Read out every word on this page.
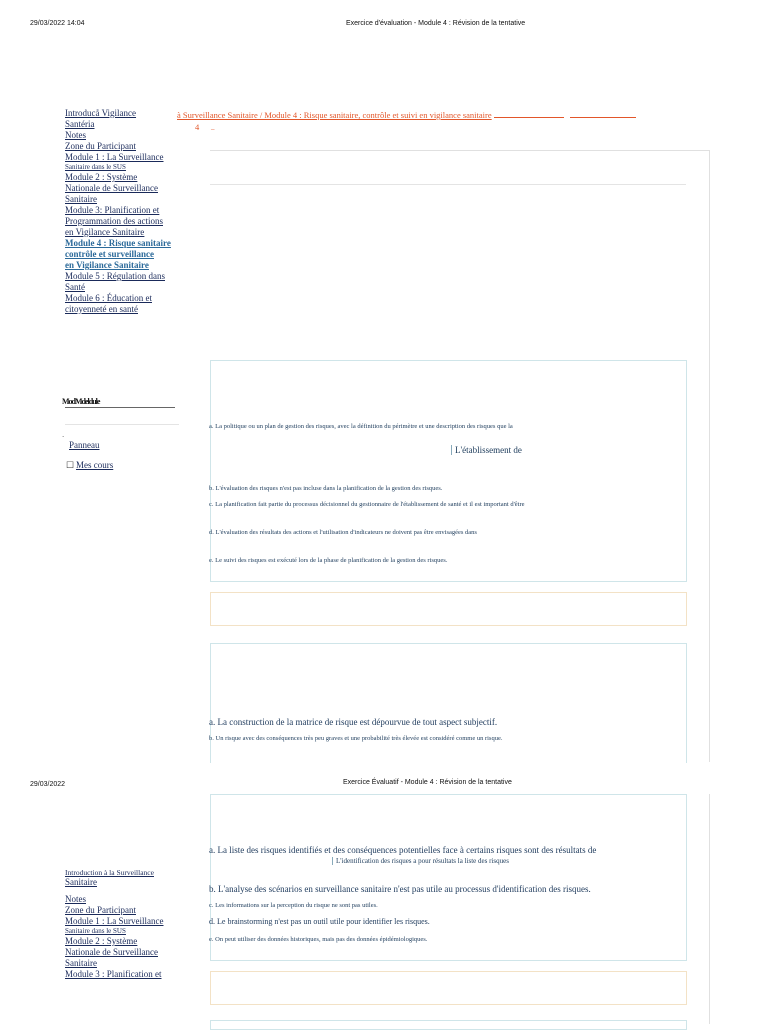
29/03/2022 14:04	Exercice d'évaluation - Module 4 : Révision de la tentative
Introducå Vigilance
Santéria
Notes
Zone du Participant
Module 1 : La Surveillance
Sanitaire dans le SUS
Module 2 : Système
Nationale de Surveillance
Sanitaire
Module 3: Planification et
Programmation des actions
en Vigilance Sanitaire
Module 4 : Risque sanitaire
contrôle et surveillance
en Vigilance Sanitaire
Module 5 : Régulation dans
Santé
Module 6 : Éducation et
citoyenneté en santé
ModMdeldule
`
Panneau
☐ Mes cours
à Surveillance Sanitaire / Module 4 : Risque sanitaire, contrôle et suivi en vigilance sanitaire
4	_
a. La politique ou un plan de gestion des risques, avec la définition du périmètre et une description des risques que la
L'établissement de
b. L'évaluation des risques n'est pas incluse dans la planification de la gestion des risques.
c. La planification fait partie du processus décisionnel du gestionnaire de l'établissement de santé et il est important d'être
d. L'évaluation des résultats des actions et l'utilisation d'indicateurs ne doivent pas être envisagées dans
e. Le suivi des risques est exécuté lors de la phase de planification de la gestion des risques.
a. La construction de la matrice de risque est dépourvue de tout aspect subjectif.
b. Un risque avec des conséquences très peu graves et une probabilité très élevée est considéré comme un risque.
29/03/2022	Exercice Évaluatif - Module 4 : Révision de la tentative
a. La liste des risques identifiés et des conséquences potentielles face à certains risques sont des résultats de
L'identification des risques a pour résultats la liste des risques
b. L'analyse des scénarios en surveillance sanitaire n'est pas utile au processus d'identification des risques.
c. Les informations sur la perception du risque ne sont pas utiles.
d. Le brainstorming n'est pas un outil utile pour identifier les risques.
e. On peut utiliser des données historiques, mais pas des données épidémiologiques.
Introduction à la Surveillance
Sanitaire
Notes
Zone du Participant
Module 1 : La Surveillance
Sanitaire dans le SUS
Module 2 : Système
Nationale de Surveillance
Sanitaire
Module 3 : Planification et
